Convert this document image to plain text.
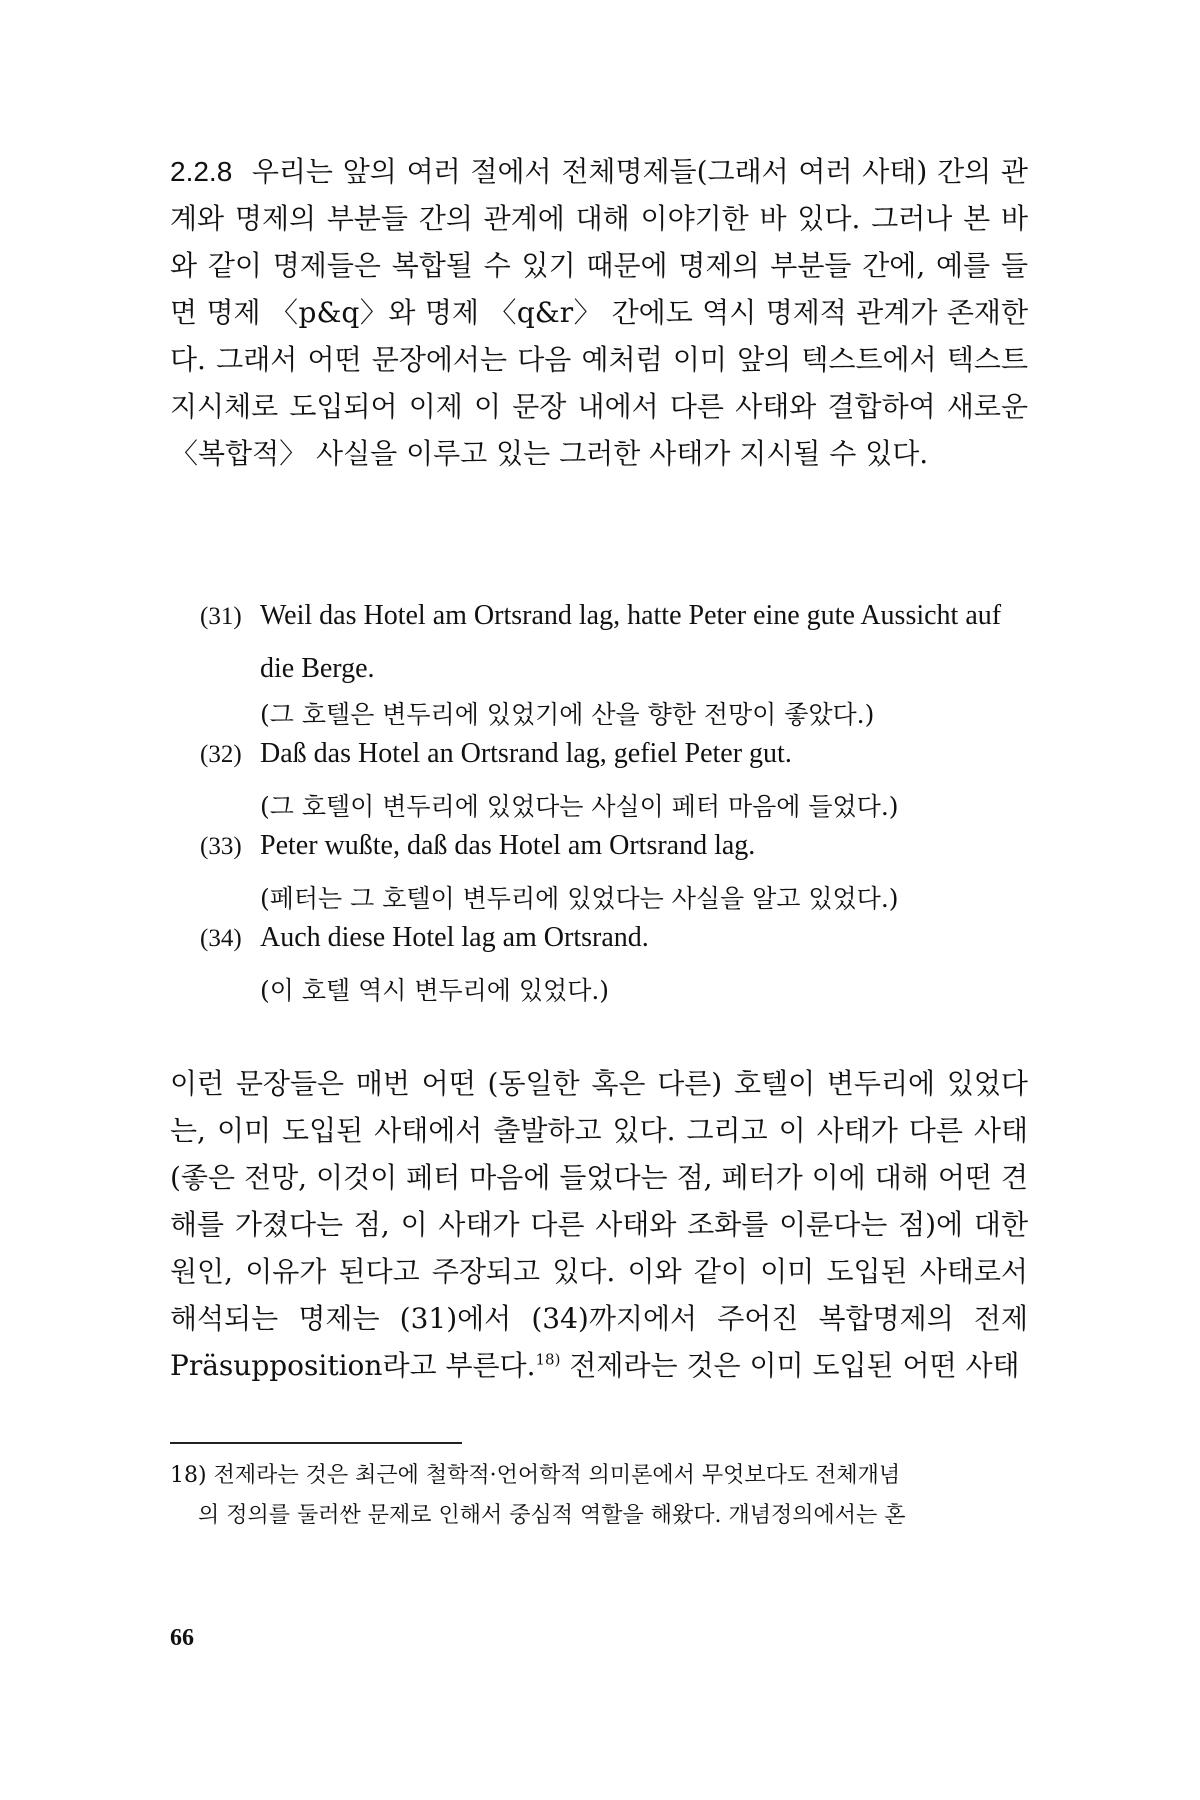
2.2.8 우리는 앞의 여러 절에서 전체명제들(그래서 여러 사태) 간의 관계와 명제의 부분들 간의 관계에 대해 이야기한 바 있다. 그러나 본 바와 같이 명제들은 복합될 수 있기 때문에 명제의 부분들 간에, 예를 들면 명제 〈p&q〉와 명제 〈q&r〉 간에도 역시 명제적 관계가 존재한다. 그래서 어떤 문장에서는 다음 예처럼 이미 앞의 텍스트에서 텍스트 지시체로 도입되어 이제 이 문장 내에서 다른 사태와 결합하여 새로운 〈복합적〉 사실을 이루고 있는 그러한 사태가 지시될 수 있다.

(31) Weil das Hotel am Ortsrand lag, hatte Peter eine gute Aussicht auf
die Berge.
(그 호텔은 변두리에 있었기에 산을 향한 전망이 좋았다.)
(32) Daß das Hotel an Ortsrand lag, gefiel Peter gut.
(그 호텔이 변두리에 있었다는 사실이 페터 마음에 들었다.)
(33) Peter wußte, daß das Hotel am Ortsrand lag.
(페터는 그 호텔이 변두리에 있었다는 사실을 알고 있었다.)
(34) Auch diese Hotel lag am Ortsrand.
(이 호텔 역시 변두리에 있었다.)

이런 문장들은 매번 어떤 (동일한 혹은 다른) 호텔이 변두리에 있었다는, 이미 도입된 사태에서 출발하고 있다. 그리고 이 사태가 다른 사태(좋은 전망, 이것이 페터 마음에 들었다는 점, 페터가 이에 대해 어떤 견해를 가졌다는 점, 이 사태가 다른 사태와 조화를 이룬다는 점)에 대한 원인, 이유가 된다고 주장되고 있다. 이와 같이 이미 도입된 사태로서 해석되는 명제는 (31)에서 (34)까지에서 주어진 복합명제의 전제 Präsupposition라고 부른다.$^{18)}$ 전제라는 것은 이미 도입된 어떤 사태

18) 전제라는 것은 최근에 철학적·언어학적 의미론에서 무엇보다도 전체개념
의 정의를 둘러싼 문제로 인해서 중심적 역할을 해왔다. 개념정의에서는 혼

66
